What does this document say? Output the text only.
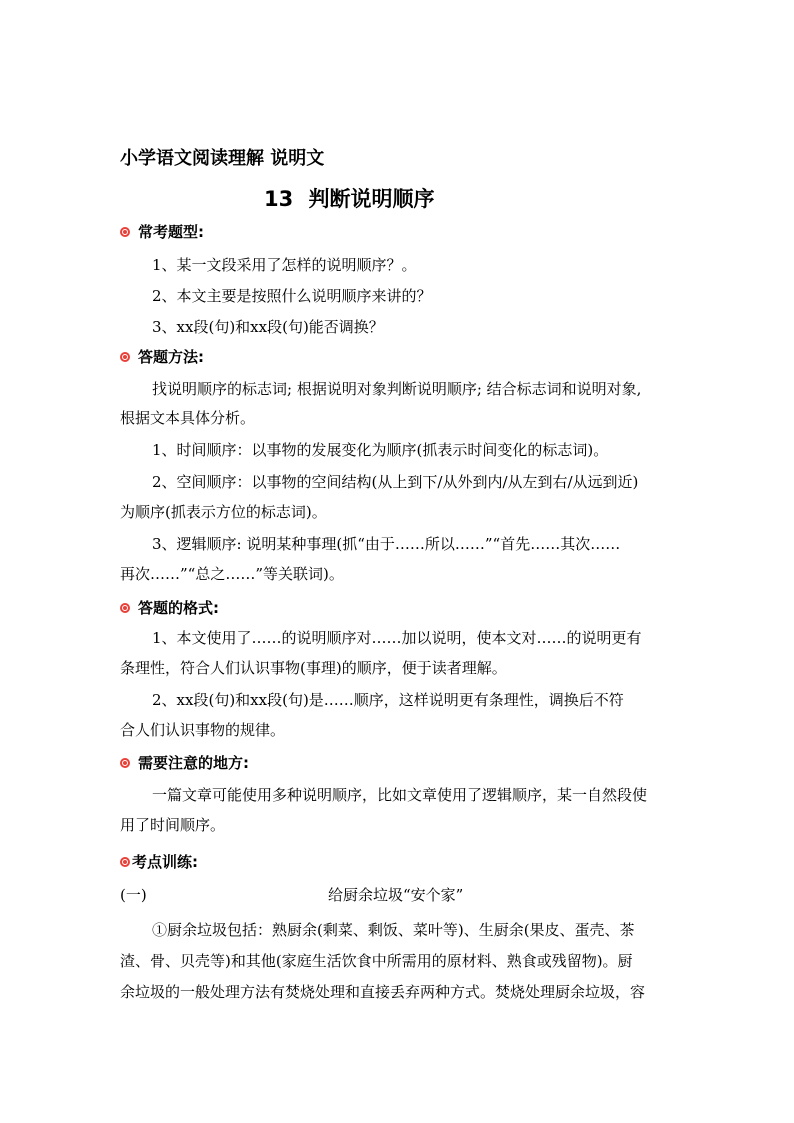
小学语文阅读理解 说明文

13 判断说明顺序

常考题型:

1、某一文段采用了怎样的说明顺序？。

2、本文主要是按照什么说明顺序来讲的？

3、xx段(句)和xx段(句)能否调换？

答题方法:

找说明顺序的标志词; 根据说明对象判断说明顺序; 结合标志词和说明对象,

根据文本具体分析。

1、时间顺序：以事物的发展变化为顺序(抓表示时间变化的标志词)。

2、空间顺序：以事物的空间结构(从上到下/从外到内/从左到右/从远到近)

为顺序(抓表示方位的标志词)。

3、逻辑顺序: 说明某种事理(抓“由于……所以……”“首先……其次……

再次……”“总之……”等关联词)。

答题的格式:

1、本文使用了……的说明顺序对……加以说明，使本文对……的说明更有

条理性，符合人们认识事物(事理)的顺序，便于读者理解。

2、xx段(句)和xx段(句)是……顺序，这样说明更有条理性，调换后不符

合人们认识事物的规律。

需要注意的地方:

一篇文章可能使用多种说明顺序，比如文章使用了逻辑顺序，某一自然段使

用了时间顺序。

考点训练:

(一)	给厨余垃圾“安个家”

①厨余垃圾包括：熟厨余(剩菜、剩饭、菜叶等)、生厨余(果皮、蛋壳、茶

渣、骨、贝壳等)和其他(家庭生活饮食中所需用的原材料、熟食或残留物)。厨

余垃圾的一般处理方法有焚烧处理和直接丢弃两种方式。焚烧处理厨余垃圾，容
